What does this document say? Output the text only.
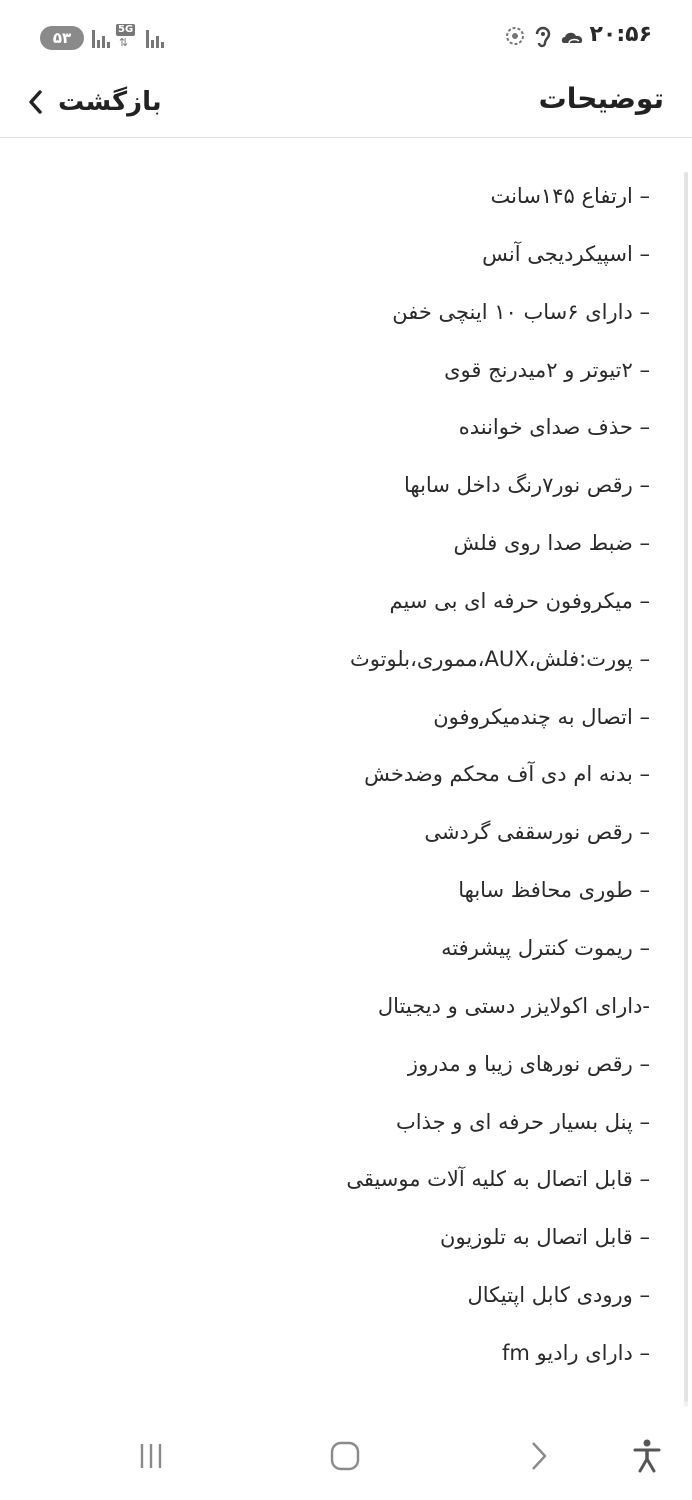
۵۳	5G
⇅	۲۰:۵۶
بازگشت	توضیحات
– ارتفاع ۱۴۵سانت
– اسپیکردیجی آنس
– دارای ۶ساب ۱۰ اینچی خفن
– ۲تیوتر و ۲میدرنج قوی
– حذف صدای خواننده
– رقص نور۷رنگ داخل سابها
– ضبط صدا روی فلش
– میکروفون حرفه ای بی سیم
– پورت:فلش،AUX،مموری،بلوتوث
– اتصال به چندمیکروفون
– بدنه ام دی آف محکم وضدخش
– رقص نورسقفی گردشی
– طوری محافظ سابها
– ریموت کنترل پیشرفته
-دارای اکولایزر دستی و دیجیتال
– رقص نورهای زیبا و مدروز
– پنل بسیار حرفه ای و جذاب
– قابل اتصال به کلیه آلات موسیقی
– قابل اتصال به تلوزیون
– ورودی کابل اپتیکال
– دارای رادیو fm
